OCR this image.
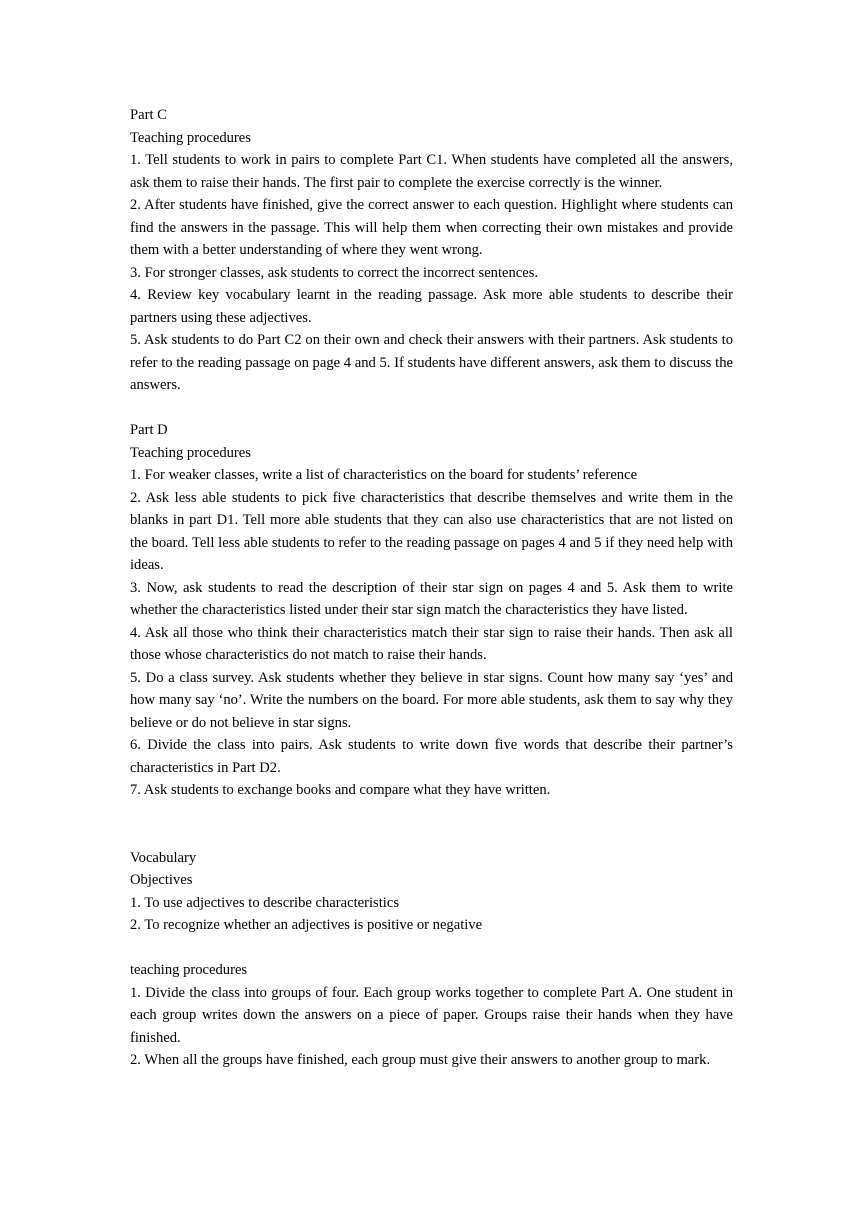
Part C

Teaching procedures

1. Tell students to work in pairs to complete Part C1. When students have completed all the answers, ask them to raise their hands. The first pair to complete the exercise correctly is the winner.

2. After students have finished, give the correct answer to each question. Highlight where students can find the answers in the passage. This will help them when correcting their own mistakes and provide them with a better understanding of where they went wrong.

3. For stronger classes, ask students to correct the incorrect sentences.

4. Review key vocabulary learnt in the reading passage. Ask more able students to describe their partners using these adjectives.

5. Ask students to do Part C2 on their own and check their answers with their partners. Ask students to refer to the reading passage on page 4 and 5. If students have different answers, ask them to discuss the answers.

Part D

Teaching procedures

1. For weaker classes, write a list of characteristics on the board for students’ reference

2. Ask less able students to pick five characteristics that describe themselves and write them in the blanks in part D1. Tell more able students that they can also use characteristics that are not listed on the board. Tell less able students to refer to the reading passage on pages 4 and 5 if they need help with ideas.

3. Now, ask students to read the description of their star sign on pages 4 and 5. Ask them to write whether the characteristics listed under their star sign match the characteristics they have listed.

4. Ask all those who think their characteristics match their star sign to raise their hands. Then ask all those whose characteristics do not match to raise their hands.

5. Do a class survey. Ask students whether they believe in star signs. Count how many say ‘yes’ and how many say ‘no’. Write the numbers on the board. For more able students, ask them to say why they believe or do not believe in star signs.

6. Divide the class into pairs. Ask students to write down five words that describe their partner’s characteristics in Part D2.

7. Ask students to exchange books and compare what they have written.

Vocabulary

Objectives

1. To use adjectives to describe characteristics

2. To recognize whether an adjectives is positive or negative

teaching procedures

1. Divide the class into groups of four. Each group works together to complete Part A. One student in each group writes down the answers on a piece of paper. Groups raise their hands when they have finished.

2. When all the groups have finished, each group must give their answers to another group to mark.
